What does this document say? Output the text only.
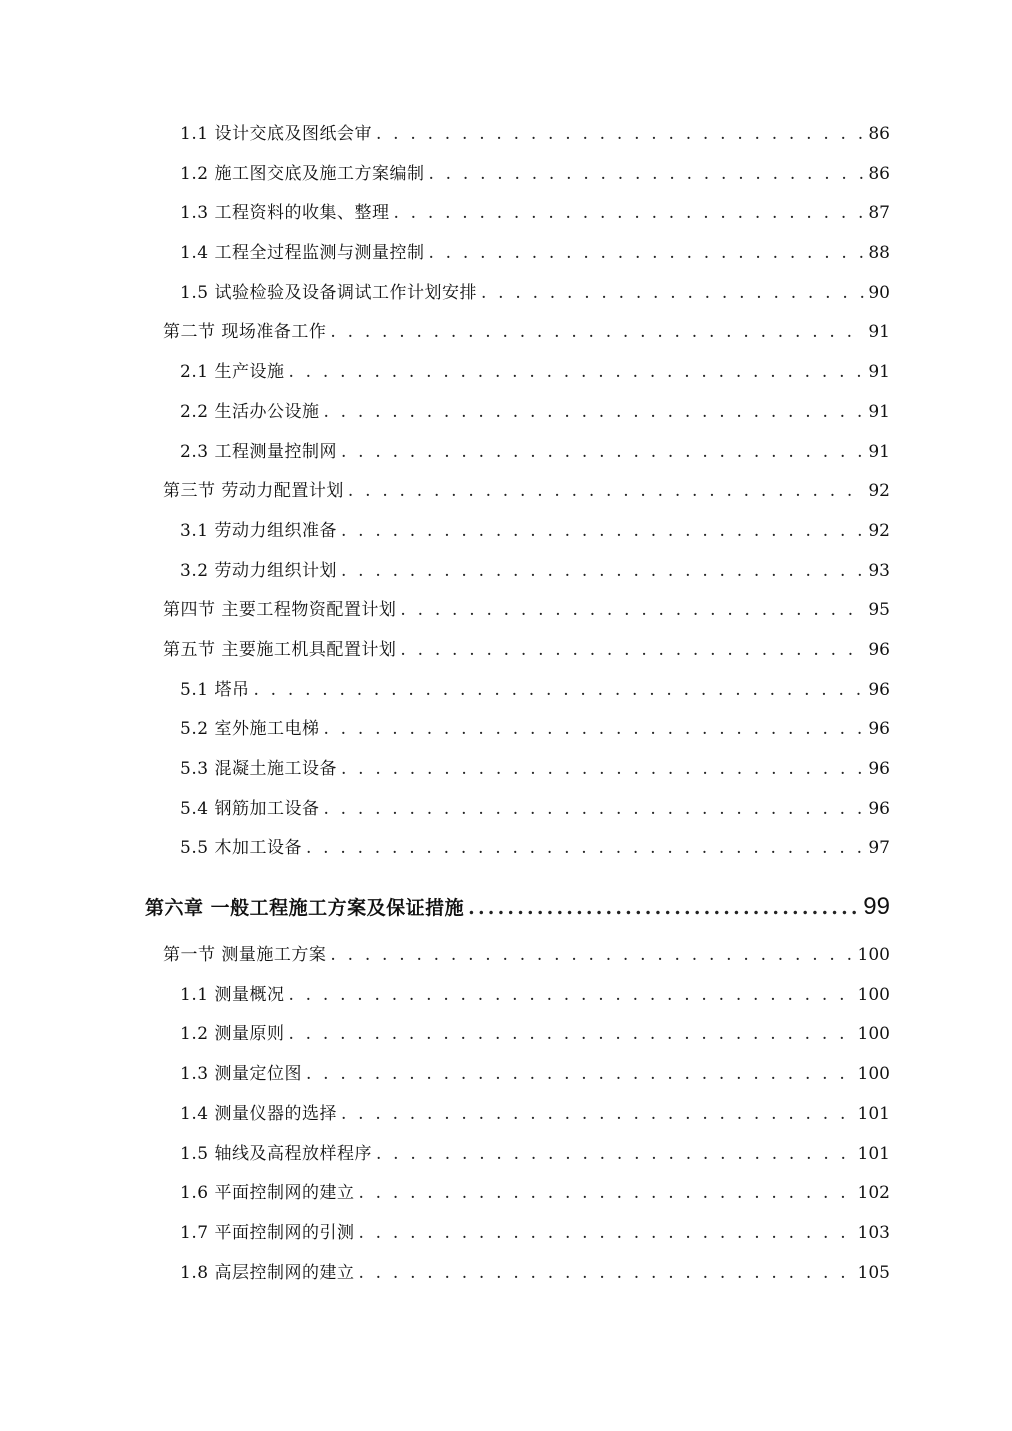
1.1 设计交底及图纸会审 . . .	86
1.2 施工图交底及施工方案编制 . . .	86
1.3 工程资料的收集、整理 . . .	87
1.4 工程全过程监测与测量控制 . . .	88
1.5 试验检验及设备调试工作计划安排 . . .	90
第二节 现场准备工作 . . .	91
2.1 生产设施 . . .	91
2.2 生活办公设施 . . .	91
2.3 工程测量控制网 . . .	91
第三节 劳动力配置计划 . . .	92
3.1 劳动力组织准备 . . .	92
3.2 劳动力组织计划 . . .	93
第四节 主要工程物资配置计划 . . .	95
第五节 主要施工机具配置计划 . . .	96
5.1 塔吊 . . .	96
5.2 室外施工电梯 . . .	96
5.3 混凝土施工设备 . . .	96
5.4 钢筋加工设备 . . .	96
5.5 木加工设备 . . .	97
第六章 一般工程施工方案及保证措施 .....	99
第一节 测量施工方案 . . .	100
1.1 测量概况 . . .	100
1.2 测量原则 . . .	100
1.3 测量定位图 . . .	100
1.4 测量仪器的选择 . . .	101
1.5 轴线及高程放样程序 . . .	101
1.6 平面控制网的建立 . . .	102
1.7 平面控制网的引测 . . .	103
1.8 高层控制网的建立 . . .	105
